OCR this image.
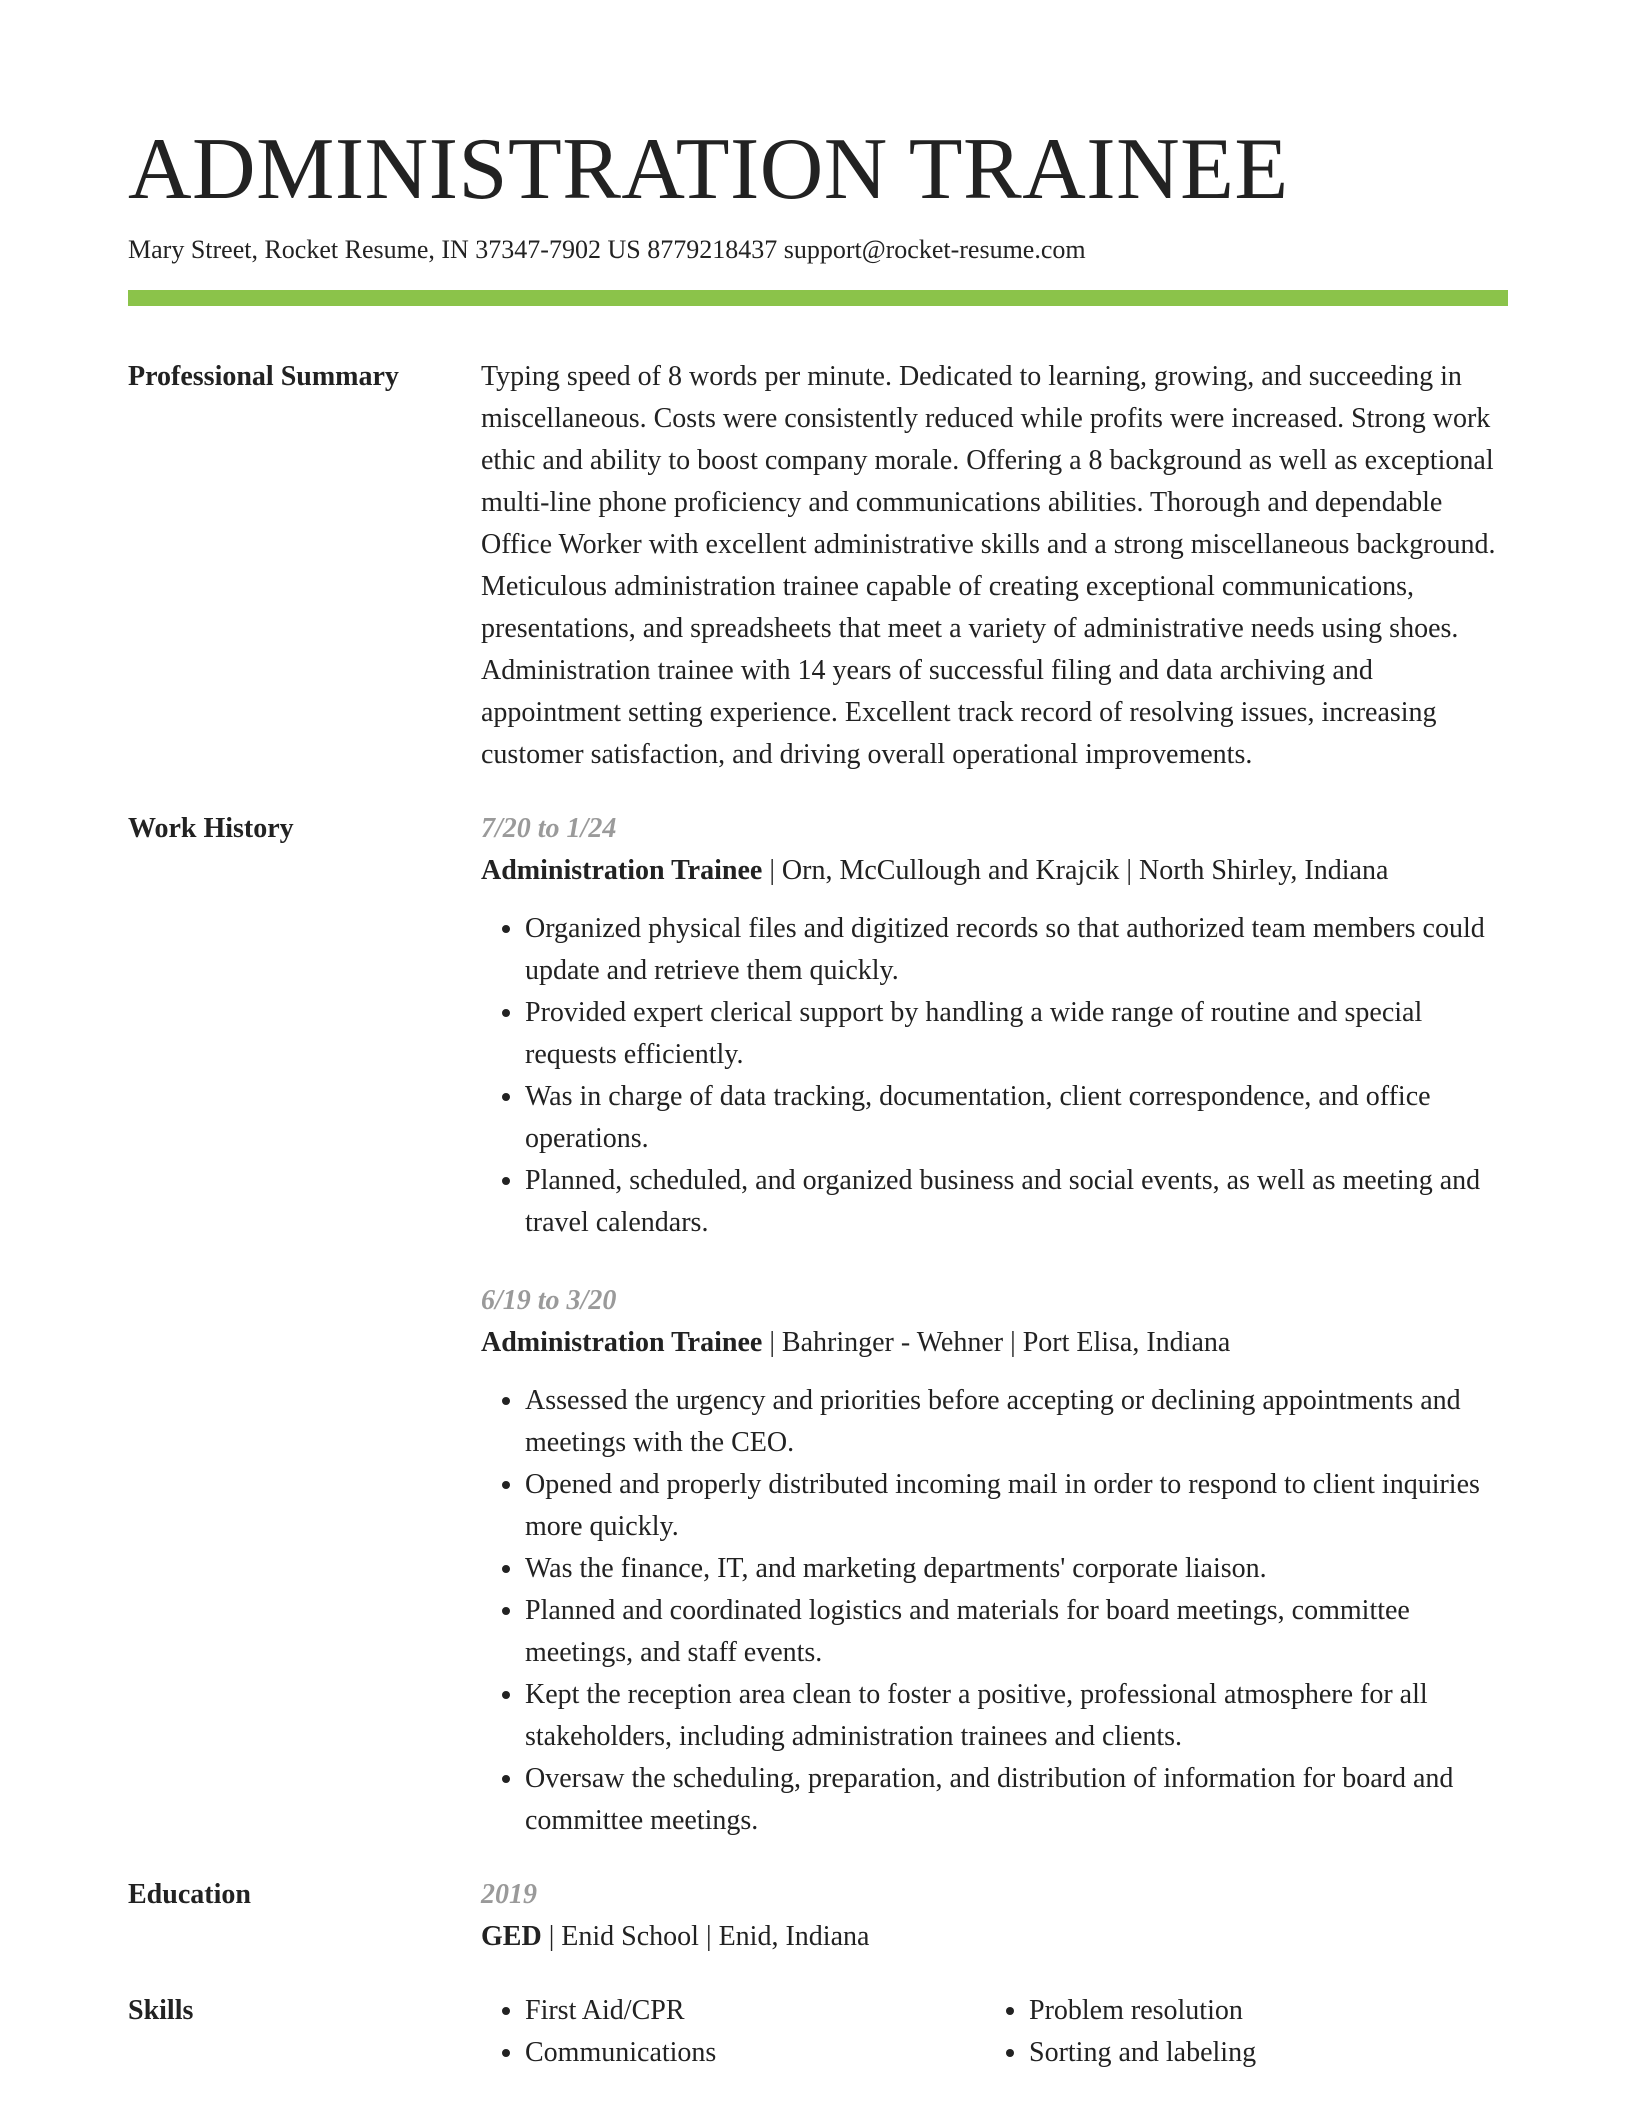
ADMINISTRATION TRAINEE
Mary Street, Rocket Resume, IN 37347-7902 US 8779218437 support@rocket-resume.com
Professional Summary	Typing speed of 8 words per minute. Dedicated to learning, growing, and succeeding in miscellaneous. Costs were consistently reduced while profits were increased. Strong work ethic and ability to boost company morale. Offering a 8 background as well as exceptional multi-line phone proficiency and communications abilities. Thorough and dependable Office Worker with excellent administrative skills and a strong miscellaneous background. Meticulous administration trainee capable of creating exceptional communications, presentations, and spreadsheets that meet a variety of administrative needs using shoes. Administration trainee with 14 years of successful filing and data archiving and appointment setting experience. Excellent track record of resolving issues, increasing customer satisfaction, and driving overall operational improvements.
Work History	7/20 to 1/24
Administration Trainee | Orn, McCullough and Krajcik | North Shirley, Indiana
• Organized physical files and digitized records so that authorized team members could update and retrieve them quickly.
• Provided expert clerical support by handling a wide range of routine and special requests efficiently.
• Was in charge of data tracking, documentation, client correspondence, and office operations.
• Planned, scheduled, and organized business and social events, as well as meeting and travel calendars.
6/19 to 3/20
Administration Trainee | Bahringer - Wehner | Port Elisa, Indiana
• Assessed the urgency and priorities before accepting or declining appointments and meetings with the CEO.
• Opened and properly distributed incoming mail in order to respond to client inquiries more quickly.
• Was the finance, IT, and marketing departments' corporate liaison.
• Planned and coordinated logistics and materials for board meetings, committee meetings, and staff events.
• Kept the reception area clean to foster a positive, professional atmosphere for all stakeholders, including administration trainees and clients.
• Oversaw the scheduling, preparation, and distribution of information for board and committee meetings.
Education	2019
GED | Enid School | Enid, Indiana
Skills	• First Aid/CPR
• Communications
• Problem resolution
• Sorting and labeling
